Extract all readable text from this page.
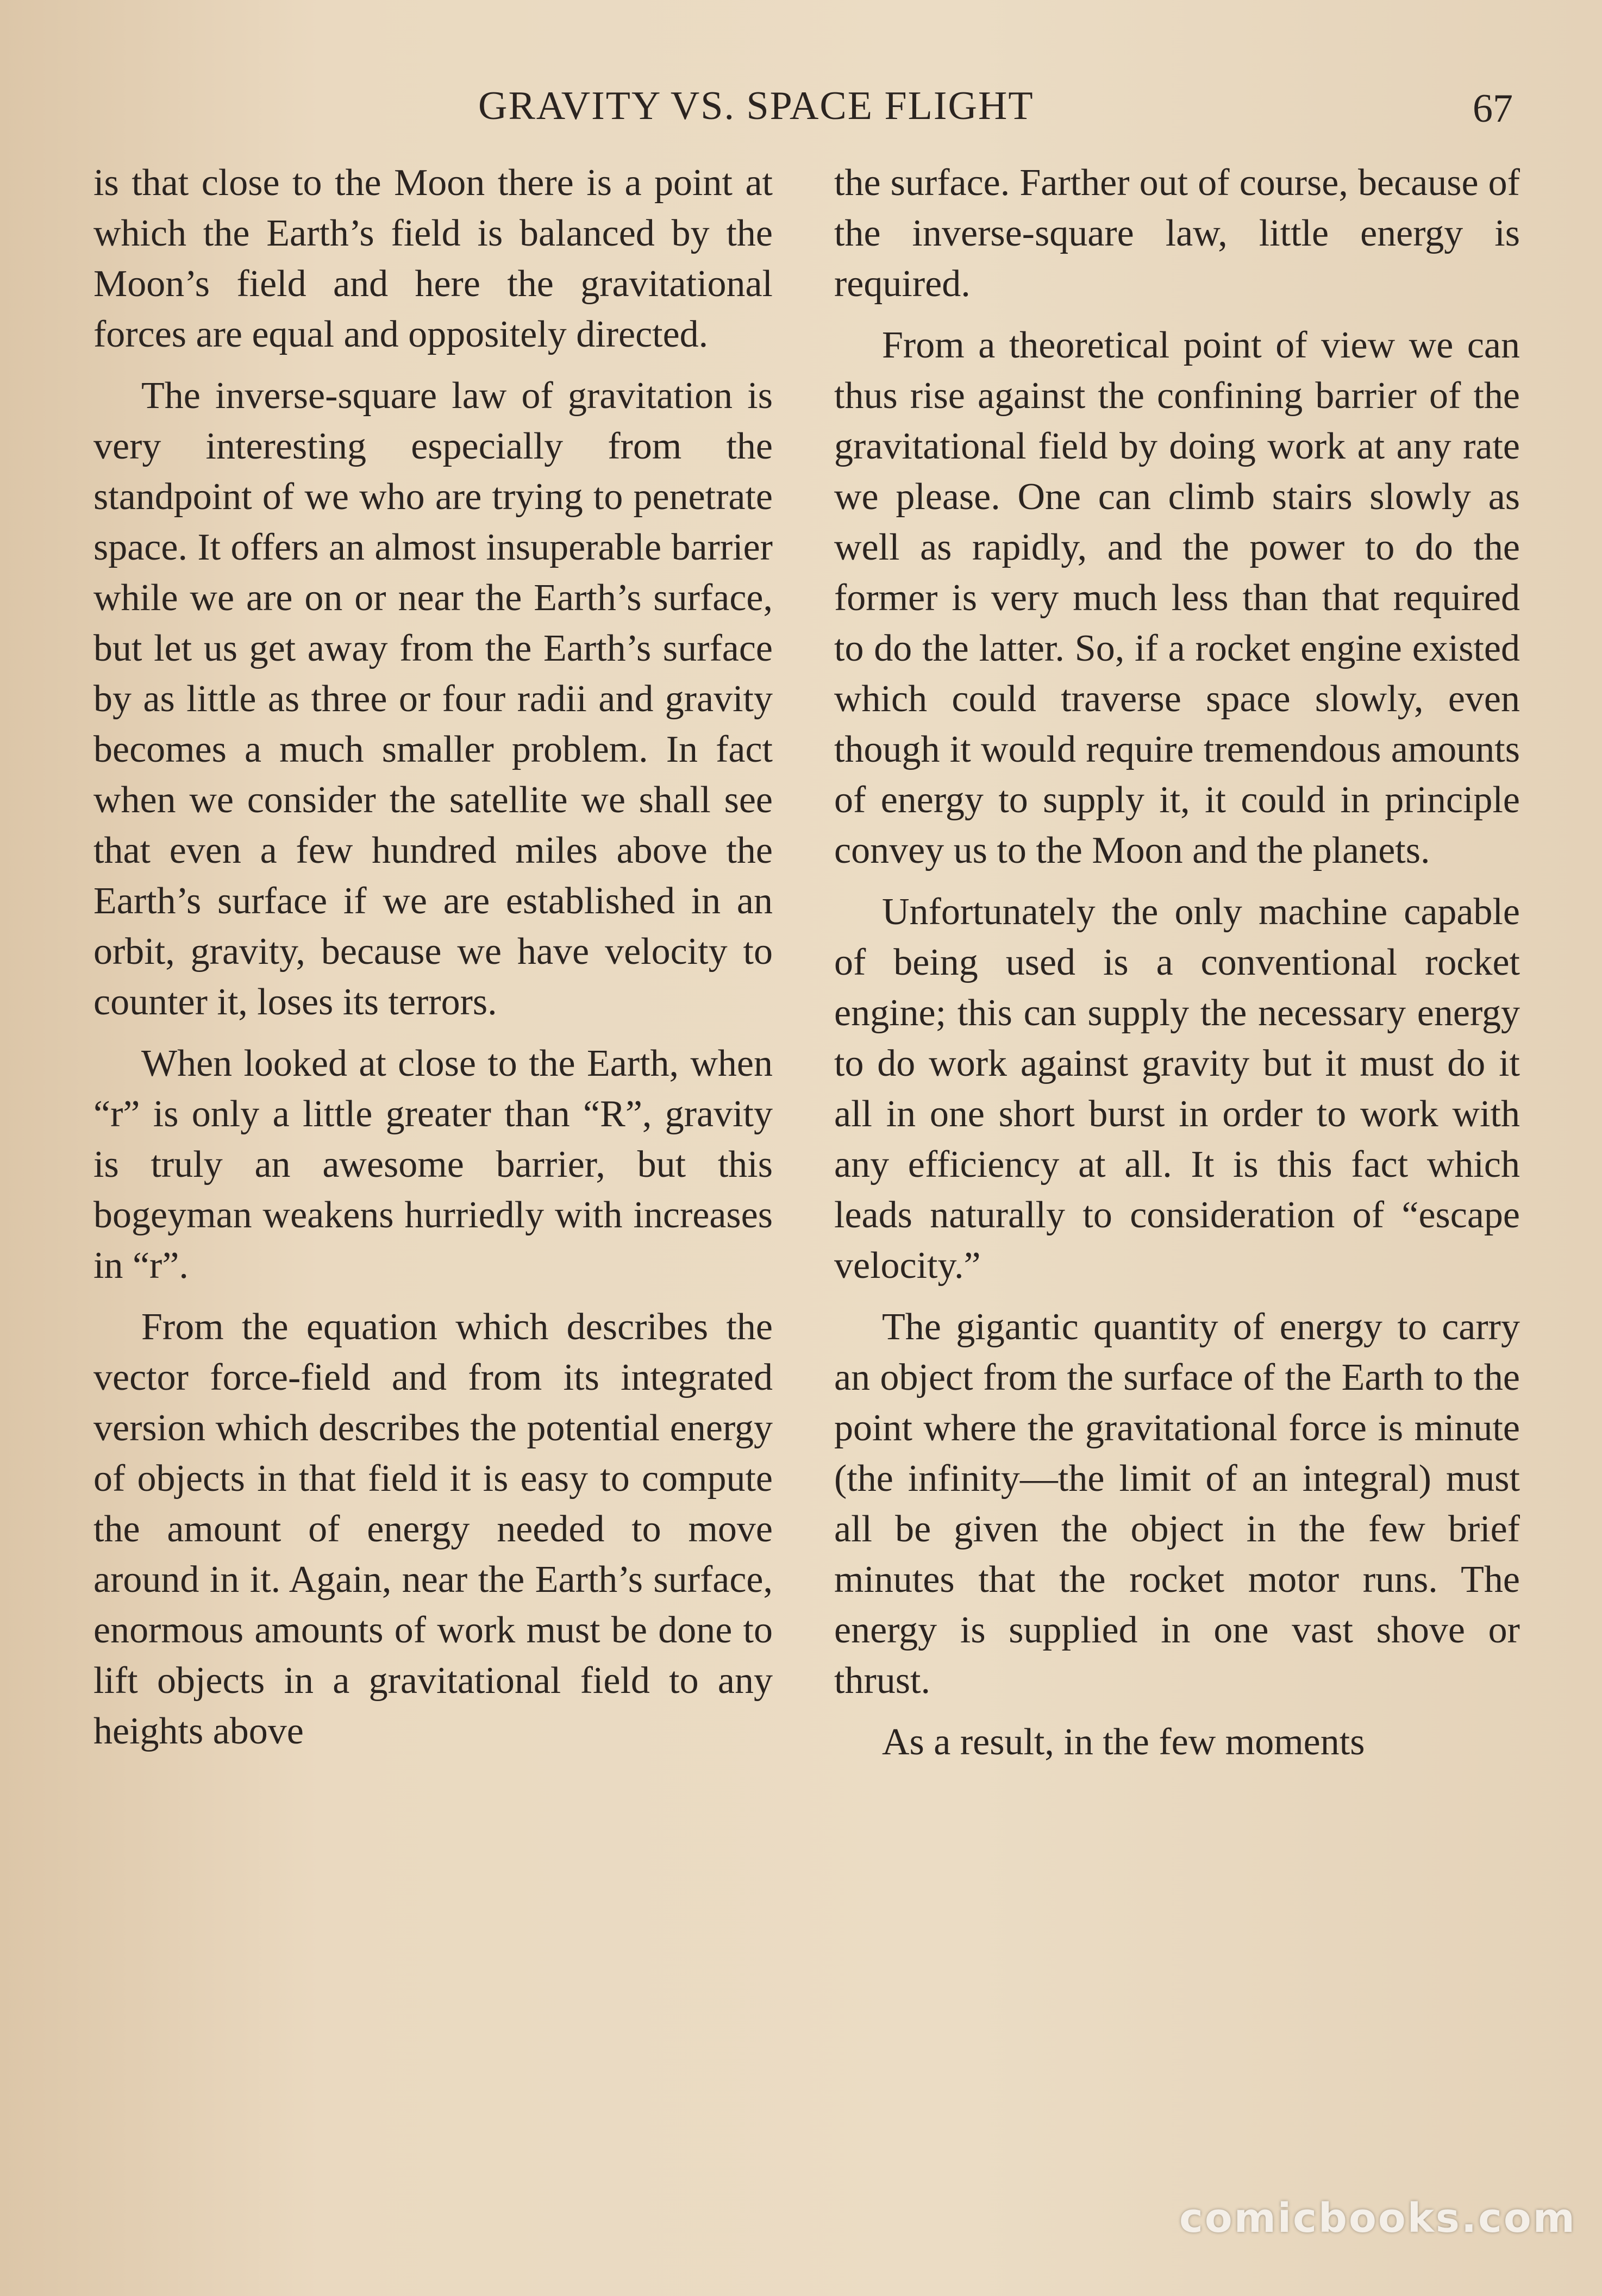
GRAVITY VS. SPACE FLIGHT	67

is that close to the Moon there is a point at which the Earth’s field is balanced by the Moon’s field and here the gravitational forces are equal and oppositely directed.

The inverse-square law of gravitation is very interesting especially from the standpoint of we who are trying to penetrate space. It offers an almost insuperable barrier while we are on or near the Earth’s surface, but let us get away from the Earth’s surface by as little as three or four radii and gravity becomes a much smaller problem. In fact when we consider the satellite we shall see that even a few hundred miles above the Earth’s surface if we are established in an orbit, gravity, because we have velocity to counter it, loses its terrors.

When looked at close to the Earth, when “r” is only a little greater than “R”, gravity is truly an awesome barrier, but this bogeyman weakens hurriedly with increases in “r”.

From the equation which describes the vector force-field and from its integrated version which describes the potential energy of objects in that field it is easy to compute the amount of energy needed to move around in it. Again, near the Earth’s surface, enormous amounts of work must be done to lift objects in a gravitational field to any heights above

the surface. Farther out of course, because of the inverse-square law, little energy is required.

From a theoretical point of view we can thus rise against the confining barrier of the gravitational field by doing work at any rate we please. One can climb stairs slowly as well as rapidly, and the power to do the former is very much less than that required to do the latter. So, if a rocket engine existed which could traverse space slowly, even though it would require tremendous amounts of energy to supply it, it could in principle convey us to the Moon and the planets.

Unfortunately the only machine capable of being used is a conventional rocket engine; this can supply the necessary energy to do work against gravity but it must do it all in one short burst in order to work with any efficiency at all. It is this fact which leads naturally to consideration of “escape velocity.”

The gigantic quantity of energy to carry an object from the surface of the Earth to the point where the gravitational force is minute (the infinity—the limit of an integral) must all be given the object in the few brief minutes that the rocket motor runs. The energy is supplied in one vast shove or thrust.

As a result, in the few moments

comicbooks.com
